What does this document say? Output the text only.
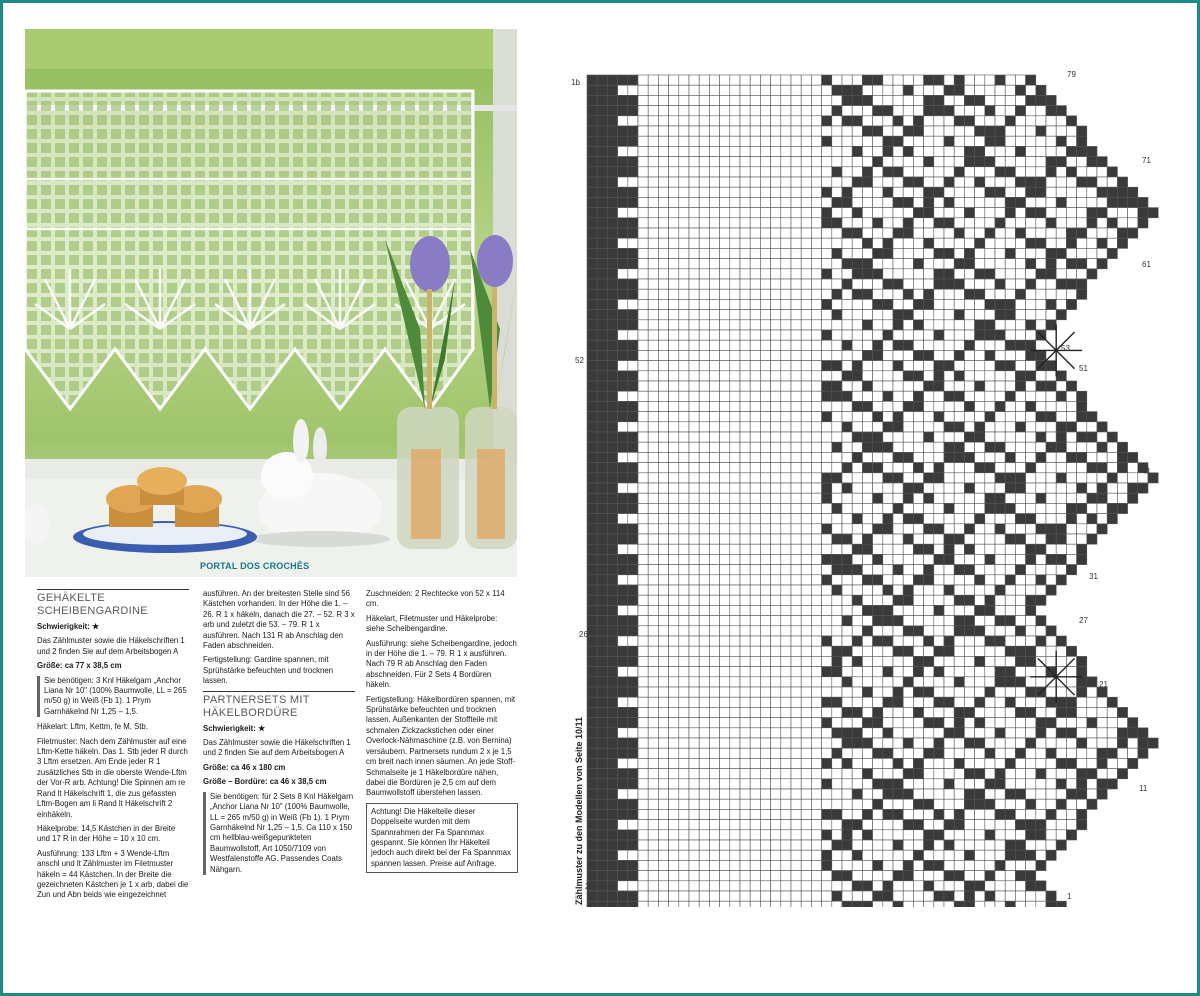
PORTAL DOS CROCHÊS

GEHÄKELTE SCHEIBENGARDINE

Schwierigkeit: ★

Das Zählmuster sowie die Häkelschriften 1 und 2 finden Sie auf dem Arbeitsbogen A

Größe: ca 77 x 38,5 cm

Sie benötigen: 3 Knl Häkelgarn „Anchor Liana Nr 10" (100% Baumwolle, LL = 265 m/50 g) in Weiß (Fb 1). 1 Prym Garnhäkelnd Nr 1,25 – 1,5.

Häkelart: Lftm, Kettm, fe M, Stb.

Filetmuster: Nach dem Zählmuster auf eine Lftm-Kette häkeln. Das 1. Stb jeder R durch 3 Lftm ersetzen. Am Ende jeder R 1 zusätzliches Stb in die oberste Wende-Lftm der Vor-R arb. Achtung! Die Spinnen am re Rand lt Häkelschrift 1, die zus gefassten Lftm-Bogen am li Rand lt Häkelschrift 2 einhäkeln.

Häkelprobe: 14,5 Kästchen in der Breite und 17 R in der Höhe = 10 x 10 cm.

Ausführung: 133 Lftm + 3 Wende-Lftm anschl und lt Zählmuster im Filetmuster häkeln = 44 Kästchen. In der Breite die gezeichneten Kästchen je 1 x arb, dabei die Zun und Abn beids wie eingezeichnet

ausführen. An der breitesten Stelle sind 56 Kästchen vorhanden. In der Höhe die 1. – 26. R 1 x häkeln, danach die 27. – 52. R 3 x arb und zuletzt die 53. – 79. R 1 x ausführen. Nach 131 R ab Anschlag den Faden abschneiden.

Fertigstellung: Gardine spannen, mit Sprühstärke befeuchten und trocknen lassen.

PARTNERSETS MIT HÄKELBORDÜRE

Schwierigkeit: ★

Das Zählmuster sowie die Häkelschriften 1 und 2 finden Sie auf dem Arbeitsbogen A

Größe: ca 46 x 180 cm

Größe – Bordüre: ca 46 x 38,5 cm

Sie benötigen: für 2 Sets 8 Knl Häkelgarn „Anchor Liana Nr 10" (100% Baumwolle, LL = 265 m/50 g) in Weiß (Fb 1). 1 Prym Garnhäkelnd Nr 1,25 – 1,5. Ca 110 x 150 cm hellblau-weißgepunkteten Baumwollstoff, Art 1050/7109 von Westfalenstoffe AG. Passendes Coats Nähgarn.

Zuschneiden: 2 Rechtecke von 52 x 114 cm.

Häkelart, Filetmuster und Häkelprobe: siehe Scheibengardine.

Ausführung: siehe Scheibengardine, jedoch in der Höhe die 1. – 79. R 1 x ausführen. Nach 79 R ab Anschlag den Faden abschneiden. Für 2 Sets 4 Bordüren häkeln.

Fertigstellung: Häkelbordüren spannen, mit Sprühstärke befeuchten und trocknen lassen. Außenkanten der Stoffteile mit schmalen Zickzackstichen oder einer Overlock-Nähmaschine (z.B. von Bernina) versäubern. Partnersets rundum 2 x je 1,5 cm breit nach innen säumen. An jede Stoff-Schmalseite je 1 Häkelbordüre nähen, dabei die Bordüren je 2,5 cm auf dem Baumwollstoff überstehen lassen.

Achtung! Die Häkelteile dieser Doppelseite wurden mit dem Spannrahmen der Fa Spannmax gespannt. Sie können Ihr Häkelteil jedoch auch direkt bei der Fa Spannmax spannen lassen. Preise auf Anfrage.

79
71
61
53
52
51
41
31
27
26
21
11
2
1
1b
Zählmuster zu den Modellen von Seite 10/11
